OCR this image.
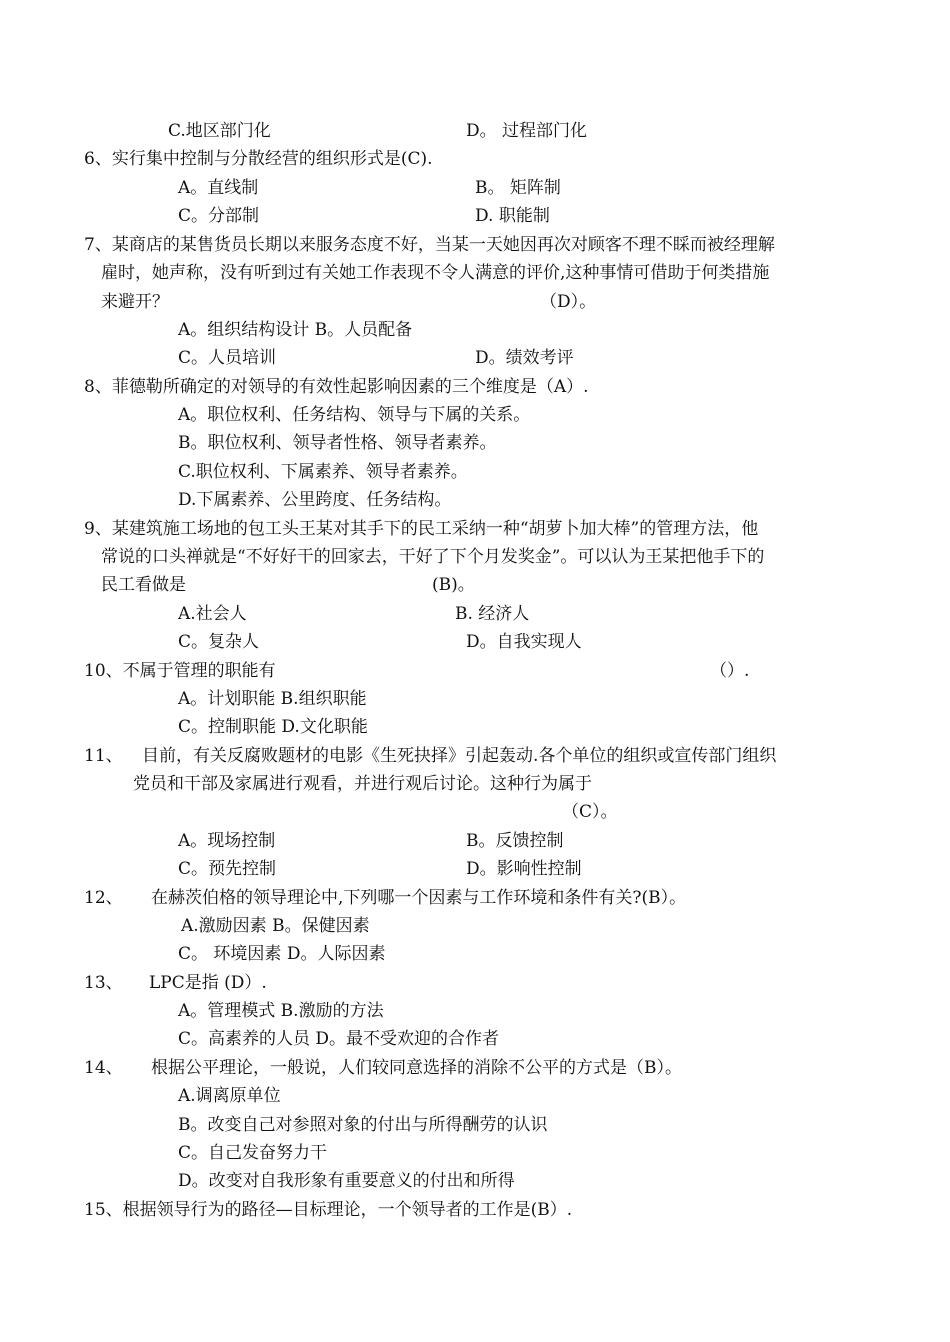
C.地区部门化	D。 过程部门化
6、实行集中控制与分散经营的组织形式是(C).
A。直线制	B。 矩阵制
C。分部制	D. 职能制
7、某商店的某售货员长期以来服务态度不好，当某一天她因再次对顾客不理不睬而被经理解
雇时，她声称，没有听到过有关她工作表现不令人满意的评价,这种事情可借助于何类措施
来避开？	（D）。
A。组织结构设计 B。人员配备
C。人员培训	D。绩效考评
8、菲德勒所确定的对领导的有效性起影响因素的三个维度是（A）.
A。职位权利、任务结构、领导与下属的关系。
B。职位权利、领导者性格、领导者素养。
C.职位权利、下属素养、领导者素养。
D.下属素养、公里跨度、任务结构。
9、某建筑施工场地的包工头王某对其手下的民工采纳一种“胡萝卜加大棒”的管理方法，他
常说的口头禅就是“不好好干的回家去，干好了下个月发奖金”。可以认为王某把他手下的
民工看做是	(B)。
A.社会人	B. 经济人
C。复杂人	D。自我实现人
10、不属于管理的职能有	（）.
A。计划职能 B.组织职能
C。控制职能 D.文化职能
11、 目前，有关反腐败题材的电影《生死抉择》引起轰动.各个单位的组织或宣传部门组织
党员和干部及家属进行观看，并进行观后讨论。这种行为属于
（C）。
A。现场控制	B。反馈控制
C。预先控制	D。影响性控制
12、 在赫茨伯格的领导理论中,下列哪一个因素与工作环境和条件有关?(B）。
A.激励因素 B。保健因素
C。 环境因素 D。人际因素
13、 LPC是指 (D）.
A。管理模式 B.激励的方法
C。高素养的人员 D。最不受欢迎的合作者
14、 根据公平理论，一般说，人们较同意选择的消除不公平的方式是（B）。
A.调离原单位
B。改变自己对参照对象的付出与所得酬劳的认识
C。自己发奋努力干
D。改变对自我形象有重要意义的付出和所得
15、根据领导行为的路径—目标理论，一个领导者的工作是(B）.
